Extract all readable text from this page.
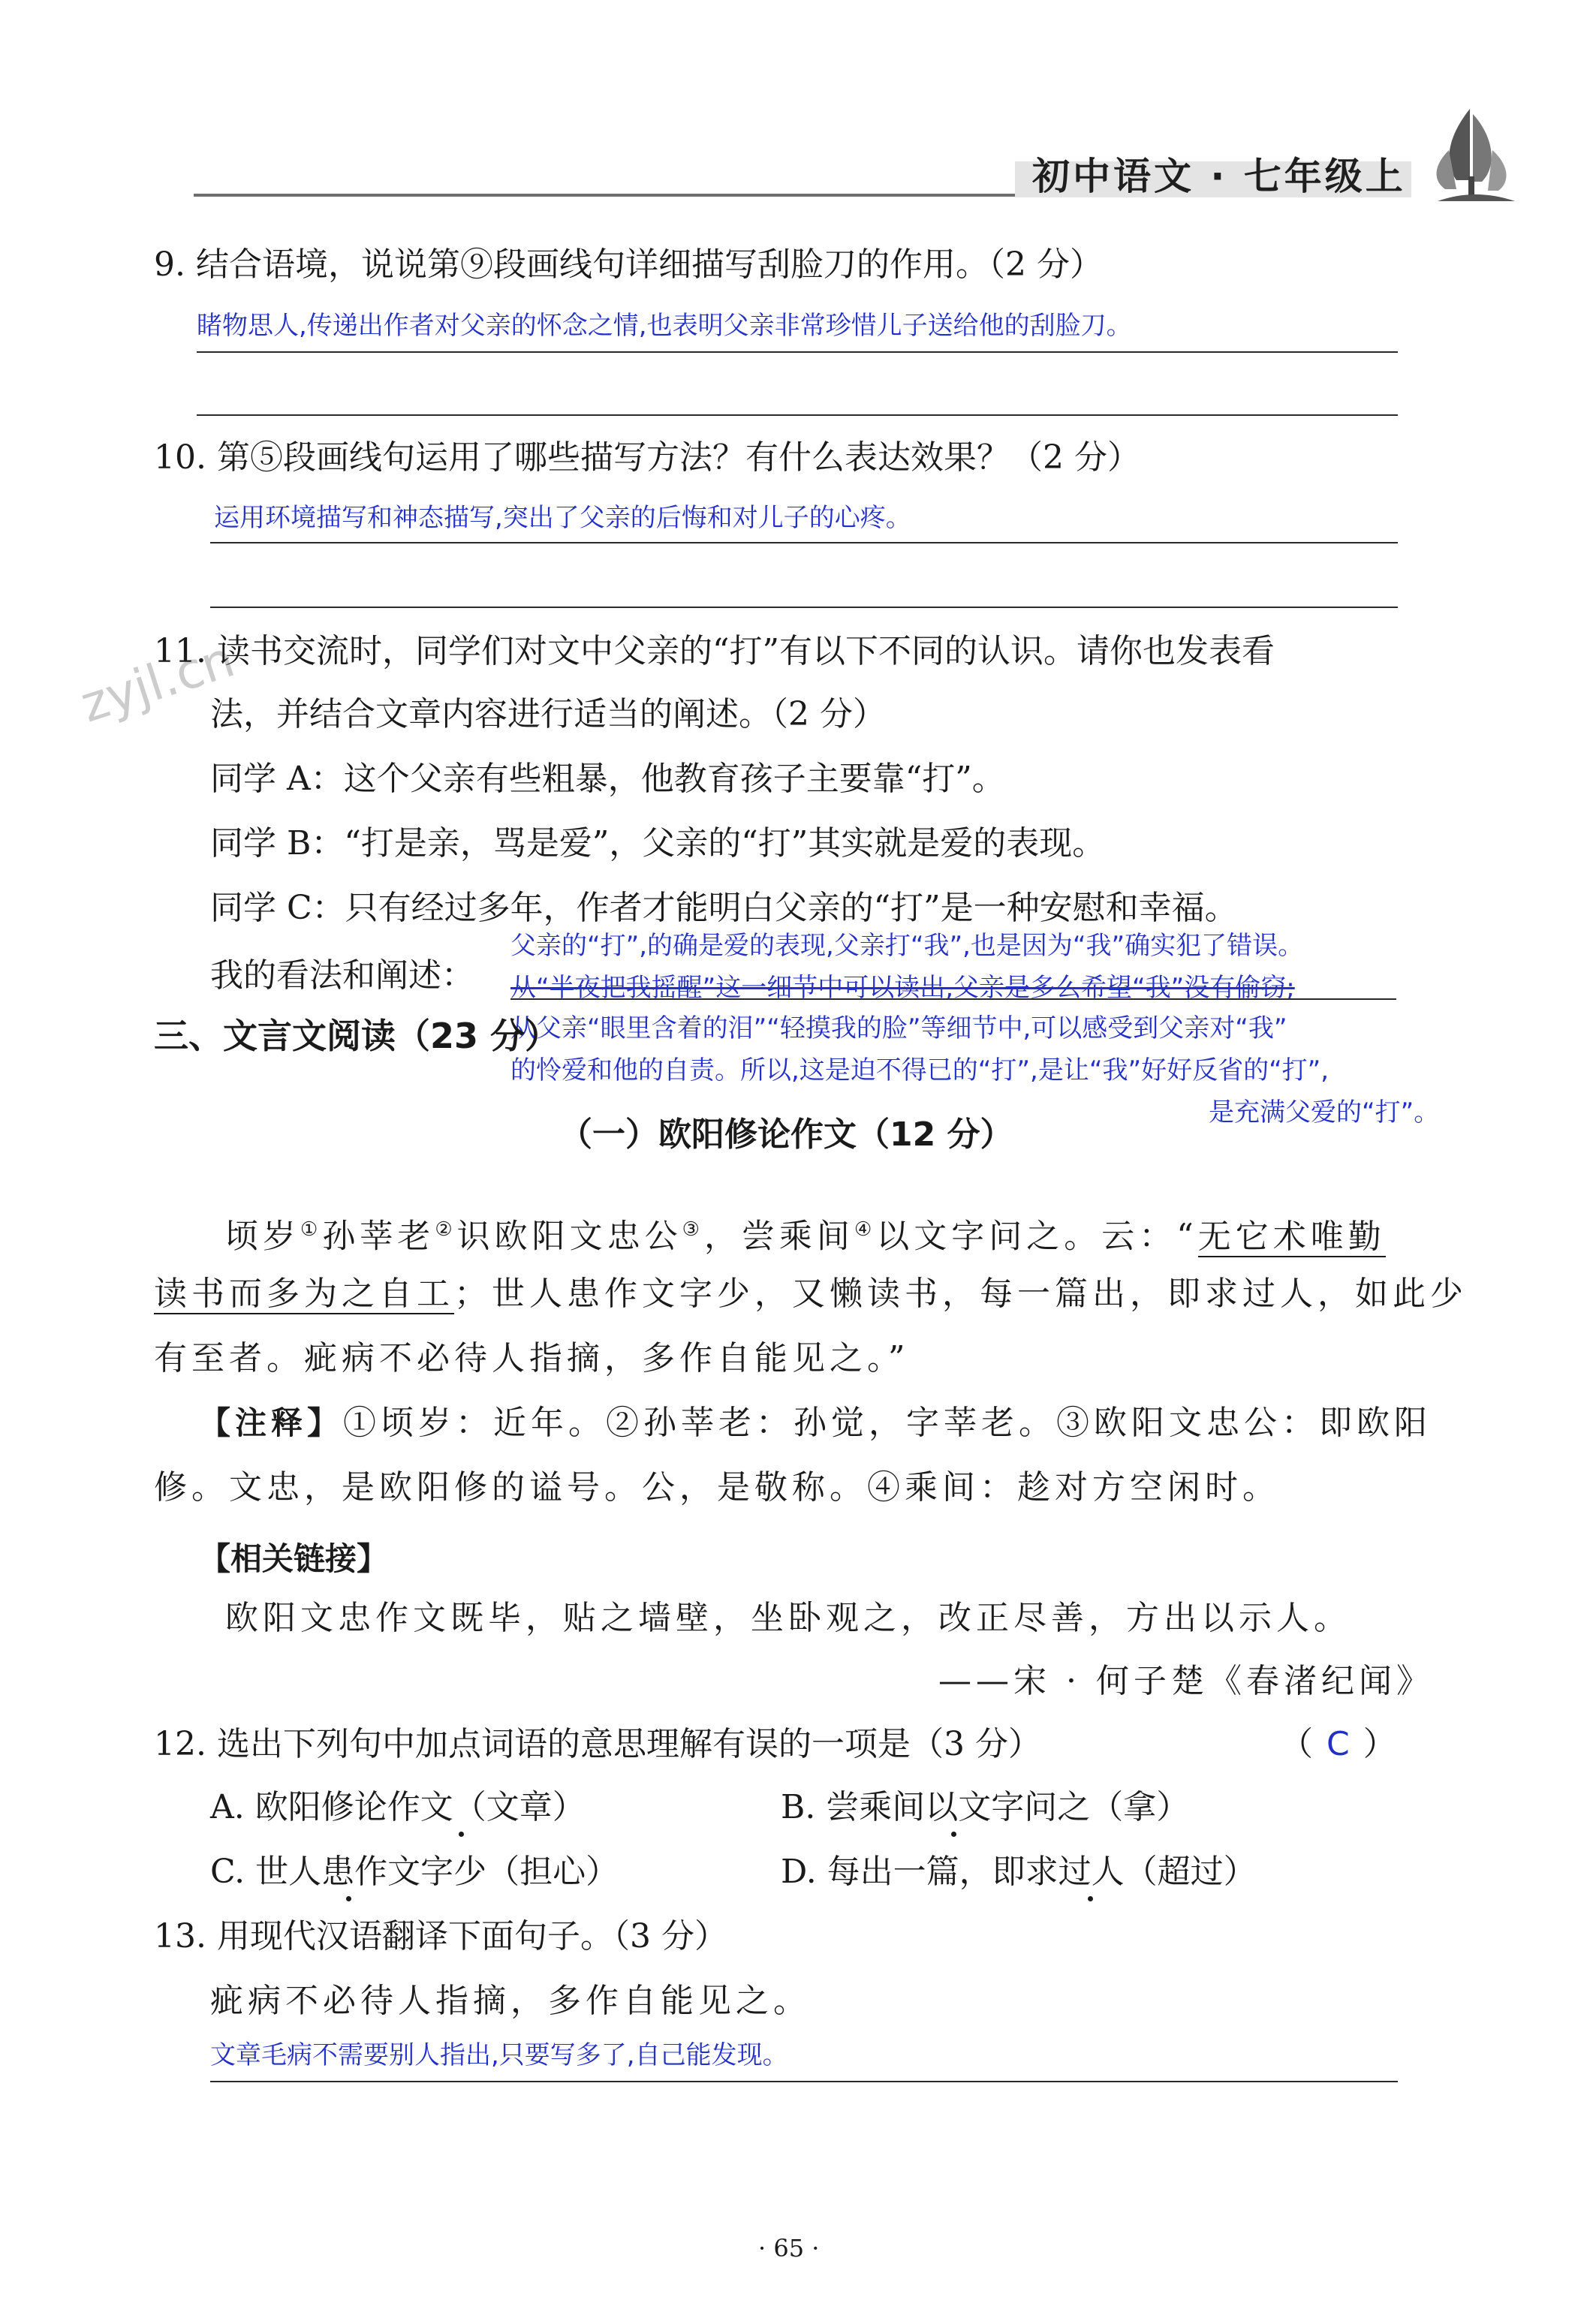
初中语文 · 七年级上
zyjl.cn
9. 结合语境，说说第⑨段画线句详细描写刮脸刀的作用。（2 分）
睹物思人,传递出作者对父亲的怀念之情,也表明父亲非常珍惜儿子送给他的刮脸刀。
10. 第⑤段画线句运用了哪些描写方法？有什么表达效果？（2 分）
运用环境描写和神态描写,突出了父亲的后悔和对儿子的心疼。
11. 读书交流时，同学们对文中父亲的“打”有以下不同的认识。请你也发表看
法，并结合文章内容进行适当的阐述。（2 分）
同学 A：这个父亲有些粗暴，他教育孩子主要靠“打”。
同学 B：“打是亲，骂是爱”，父亲的“打”其实就是爱的表现。
同学 C：只有经过多年，作者才能明白父亲的“打”是一种安慰和幸福。
我的看法和阐述：
父亲的“打”,的确是爱的表现,父亲打“我”,也是因为“我”确实犯了错误。
从“半夜把我摇醒”这一细节中可以读出,父亲是多么希望“我”没有偷窃;
从父亲“眼里含着的泪”“轻摸我的脸”等细节中,可以感受到父亲对“我”
的怜爱和他的自责。所以,这是迫不得已的“打”,是让“我”好好反省的“打”,
是充满父爱的“打”。
三、文言文阅读（23 分）
（一）欧阳修论作文（12 分）
顷岁①孙莘老②识欧阳文忠公③，尝乘间④以文字问之。云：“无它术唯勤
读书而多为之自工；世人患作文字少，又懒读书，每一篇出，即求过人，如此少
有至者。疵病不必待人指摘，多作自能见之。”
【注释】①顷岁：近年。②孙莘老：孙觉，字莘老。③欧阳文忠公：即欧阳
修。文忠，是欧阳修的谥号。公，是敬称。④乘间：趁对方空闲时。
【相关链接】
欧阳文忠作文既毕，贴之墙壁，坐卧观之，改正尽善，方出以示人。
——宋 · 何子楚《春渚纪闻》
12. 选出下列句中加点词语的意思理解有误的一项是（3 分）	（ C ）
A. 欧阳修论作文（文章）	B. 尝乘间以文字问之（拿）
C. 世人患作文字少（担心）	D. 每出一篇，即求过人（超过）
13. 用现代汉语翻译下面句子。（3 分）
疵病不必待人指摘，多作自能见之。
文章毛病不需要别人指出,只要写多了,自己能发现。
· 65 ·
